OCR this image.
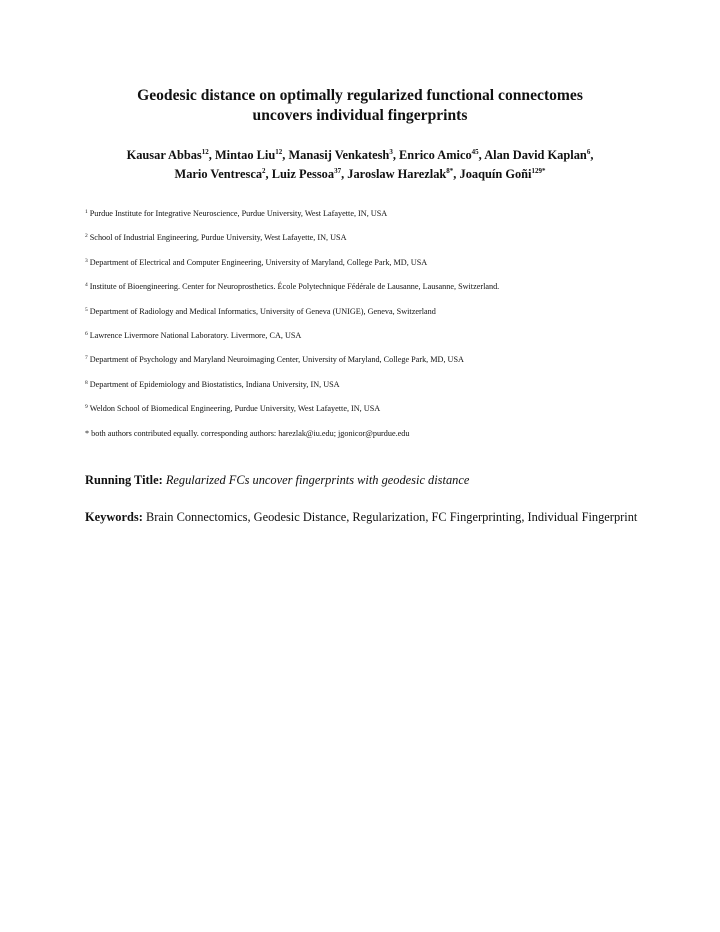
Geodesic distance on optimally regularized functional connectomes
uncovers individual fingerprints
Kausar Abbas$^{12}$, Mintao Liu$^{12}$, Manasij Venkatesh$^3$, Enrico Amico$^{45}$, Alan David Kaplan$^6$,
Mario Ventresca$^2$, Luiz Pessoa$^{37}$, Jaroslaw Harezlak$^{8*}$, Joaquín Goñi$^{129*}$
$^1$ Purdue Institute for Integrative Neuroscience, Purdue University, West Lafayette, IN, USA
$^2$ School of Industrial Engineering, Purdue University, West Lafayette, IN, USA
$^3$ Department of Electrical and Computer Engineering, University of Maryland, College Park, MD, USA
$^4$ Institute of Bioengineering. Center for Neuroprosthetics. École Polytechnique Fédérale de Lausanne, Lausanne, Switzerland.
$^5$ Department of Radiology and Medical Informatics, University of Geneva (UNIGE), Geneva, Switzerland
$^6$ Lawrence Livermore National Laboratory. Livermore, CA, USA
$^7$ Department of Psychology and Maryland Neuroimaging Center, University of Maryland, College Park, MD, USA
$^8$ Department of Epidemiology and Biostatistics, Indiana University, IN, USA
$^9$ Weldon School of Biomedical Engineering, Purdue University, West Lafayette, IN, USA
* both authors contributed equally. corresponding authors: harezlak@iu.edu; jgonicor@purdue.edu

Running Title: Regularized FCs uncover fingerprints with geodesic distance

Keywords: Brain Connectomics, Geodesic Distance, Regularization, FC Fingerprinting, Individual Fingerprint
